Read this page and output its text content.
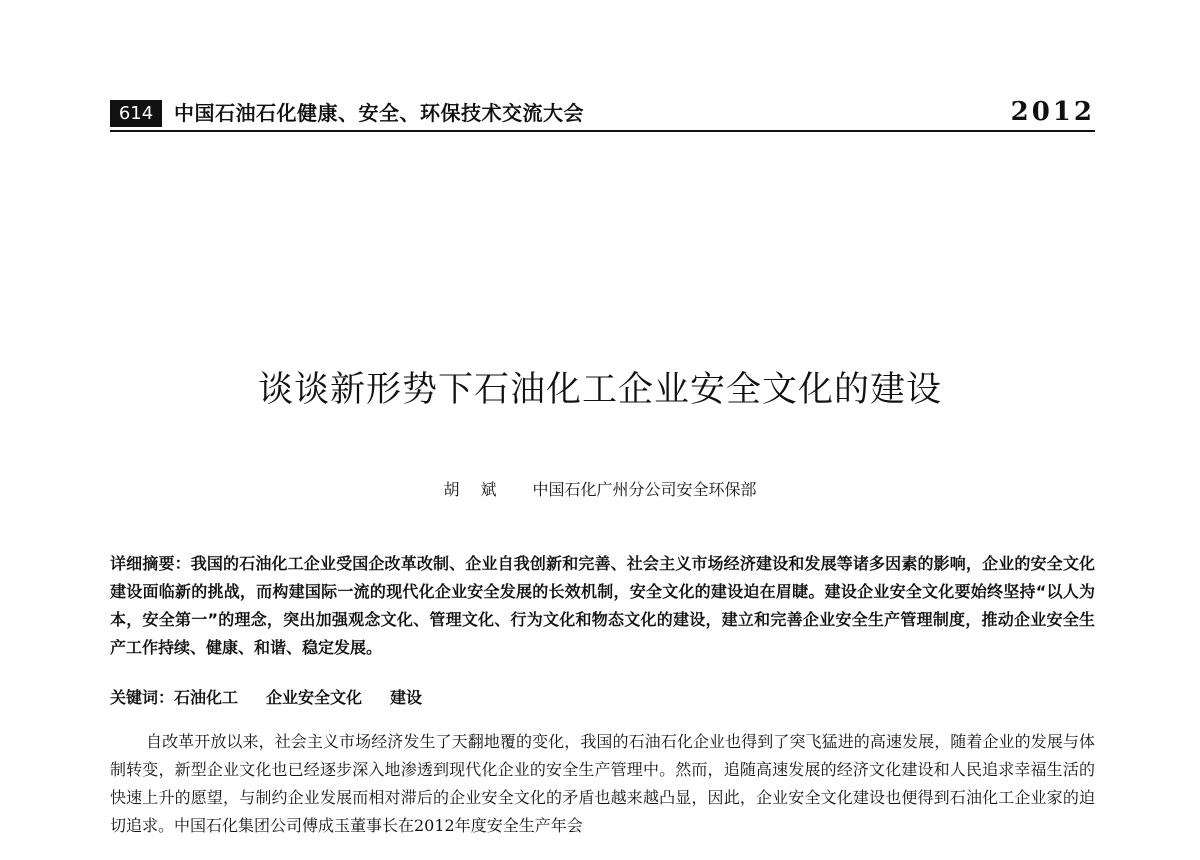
614	中国石油石化健康、安全、环保技术交流大会	2012
谈谈新形势下石油化工企业安全文化的建设
胡 斌 中国石化广州分公司安全环保部

详细摘要：我国的石油化工企业受国企改革改制、企业自我创新和完善、社会主义市场经济建设和发展等诸多因素的影响，企业的安全文化建设面临新的挑战，而构建国际一流的现代化企业安全发展的长效机制，安全文化的建设迫在眉睫。建设企业安全文化要始终坚持“以人为本，安全第一”的理念，突出加强观念文化、管理文化、行为文化和物态文化的建设，建立和完善企业安全生产管理制度，推动企业安全生产工作持续、健康、和谐、稳定发展。

关键词：石油化工 企业安全文化 建设

自改革开放以来，社会主义市场经济发生了天翻地覆的变化，我国的石油石化企业也得到了突飞猛进的高速发展，随着企业的发展与体制转变，新型企业文化也已经逐步深入地渗透到现代化企业的安全生产管理中。然而，追随高速发展的经济文化建设和人民追求幸福生活的快速上升的愿望，与制约企业发展而相对滞后的企业安全文化的矛盾也越来越凸显，因此，企业安全文化建设也便得到石油化工企业家的迫切追求。中国石化集团公司傅成玉董事长在2012年度安全生产年会
